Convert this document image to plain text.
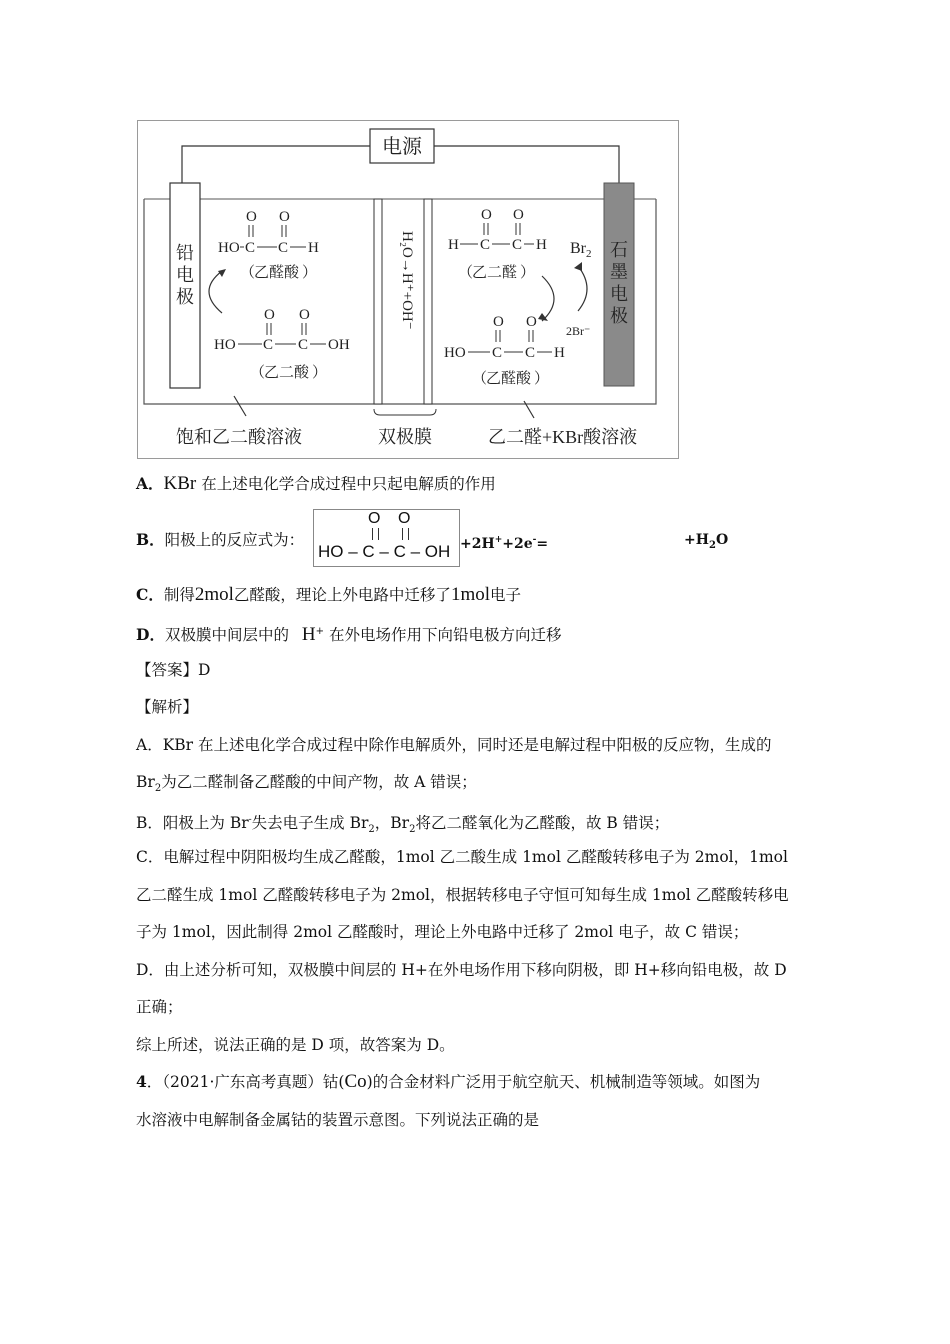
电源
铅
电
极
石
墨
电
极
H₂O→H⁺+OH⁻
O O
HO C C H
（
乙醛酸 ）
O O
HO C C OH
（
乙二酸 ）
O O
H C C H
（
乙二醛 ）
$Br_2$
2Br⁻
O O
HO C C H
（
乙醛酸 ）
饱和乙二酸溶液	双极膜	乙二醛+KBr酸溶液
A．KBr 在上述电化学合成过程中只起电解质的作用
B．阳极上的反应式为：
O O
HO – C – C – OH +2H++2e-=	$+H_2O$
C．制得2mol乙醛酸，理论上外电路中迁移了1mol电子
D．双极膜中间层中的 H+ 在外电场作用下向铅电极方向迁移
【答案】D
【解析】
A．KBr 在上述电化学合成过程中除作电解质外，同时还是电解过程中阳极的反应物，生成的
$Br_2$为乙二醛制备乙醛酸的中间产物，故 A 错误；
B．阳极上为 Br-失去电子生成 $Br_2$，$Br_2$将乙二醛氧化为乙醛酸，故 B 错误；
C．电解过程中阴阳极均生成乙醛酸，1mol 乙二酸生成 1mol 乙醛酸转移电子为 2mol，1mol
乙二醛生成 1mol 乙醛酸转移电子为 2mol，根据转移电子守恒可知每生成 1mol 乙醛酸转移电
子为 1mol，因此制得 2mol 乙醛酸时，理论上外电路中迁移了 2mol 电子，故 C 错误；
D．由上述分析可知，双极膜中间层的 H+在外电场作用下移向阴极，即 H+移向铅电极，故 D
正确；
综上所述，说法正确的是 D 项，故答案为 D。
4．（2021·广东高考真题）钴(Co)的合金材料广泛用于航空航天、机械制造等领域。如图为
水溶液中电解制备金属钴的装置示意图。下列说法正确的是
